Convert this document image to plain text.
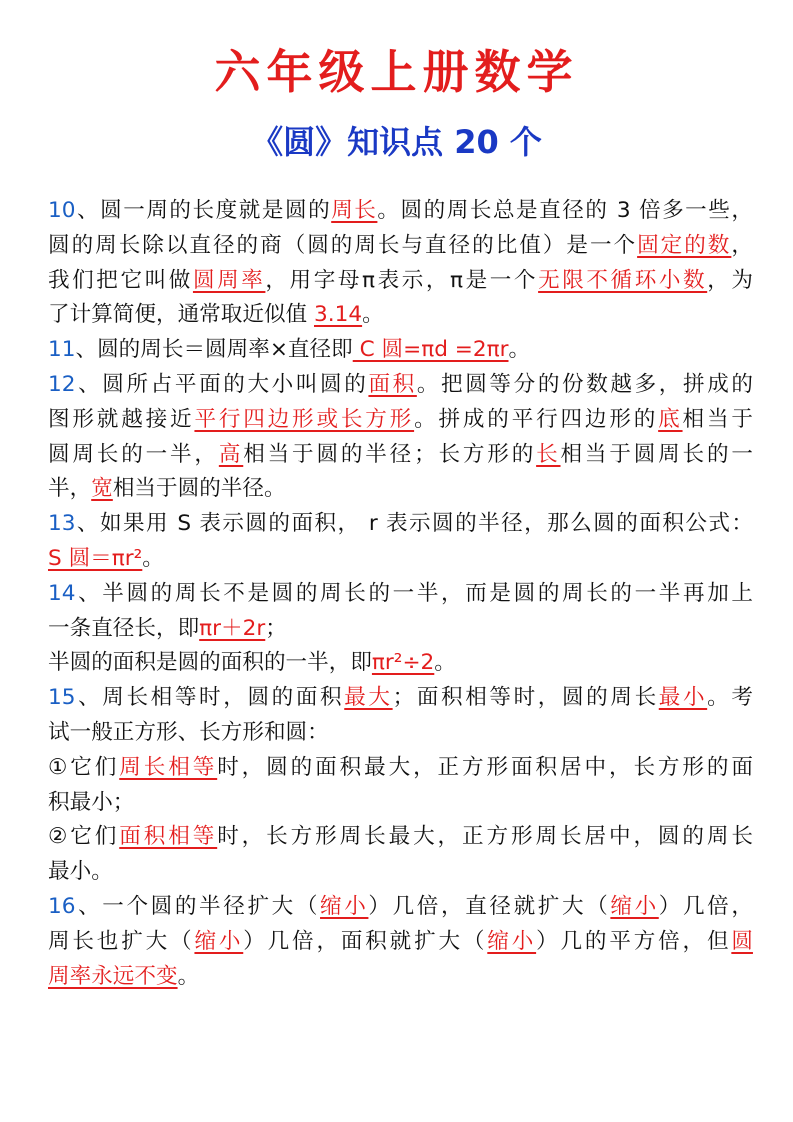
六年级上册数学
《圆》知识点 20 个
10、圆一周的长度就是圆的周长。圆的周长总是直径的 3 倍多一些，
圆的周长除以直径的商（圆的周长与直径的比值）是一个固定的数，
我们把它叫做圆周率，用字母π表示，π是一个无限不循环小数，为
了计算简便，通常取近似值 3.14。
11、圆的周长＝圆周率×直径即 C 圆=πd =2πr。
12、圆所占平面的大小叫圆的面积。把圆等分的份数越多，拼成的
图形就越接近平行四边形或长方形。拼成的平行四边形的底相当于
圆周长的一半，高相当于圆的半径；长方形的长相当于圆周长的一
半，宽相当于圆的半径。
13、如果用 S 表示圆的面积， r 表示圆的半径，那么圆的面积公式：
S 圆＝πr²。
14、半圆的周长不是圆的周长的一半，而是圆的周长的一半再加上
一条直径长，即πr＋2r；
半圆的面积是圆的面积的一半，即πr²÷2。
15、周长相等时，圆的面积最大；面积相等时，圆的周长最小。考
试一般正方形、长方形和圆：
①它们周长相等时，圆的面积最大，正方形面积居中，长方形的面
积最小；
②它们面积相等时，长方形周长最大，正方形周长居中，圆的周长
最小。
16、一个圆的半径扩大（缩小）几倍，直径就扩大（缩小）几倍，
周长也扩大（缩小）几倍，面积就扩大（缩小）几的平方倍，但圆
周率永远不变。
